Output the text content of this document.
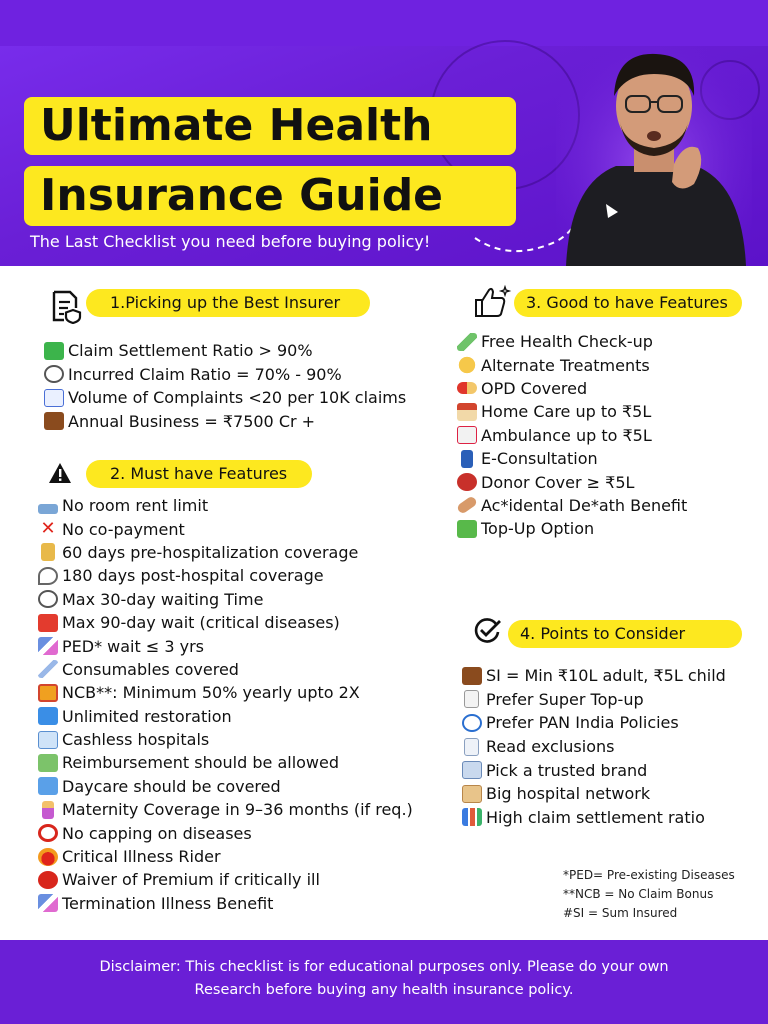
Ultimate Health
Insurance Guide
The Last Checklist you need before buying policy!
1.Picking up the Best Insurer
Claim Settlement Ratio > 90%
Incurred Claim Ratio = 70% - 90%
Volume of Complaints <20 per 10K claims
Annual Business = ₹7500 Cr +
2. Must have Features
No room rent limit
✕ No co-payment
60 days pre-hospitalization coverage
180 days post-hospital coverage
Max 30-day waiting Time
Max 90-day wait (critical diseases)
PED* wait ≤ 3 yrs
Consumables covered
NCB**: Minimum 50% yearly upto 2X
Unlimited restoration
Cashless hospitals
Reimbursement should be allowed
Daycare should be covered
Maternity Coverage in 9–36 months (if req.)
No capping on diseases
Critical Illness Rider
Waiver of Premium if critically ill
Termination Illness Benefit
3. Good to have Features
Free Health Check-up
Alternate Treatments
OPD Covered
Home Care up to ₹5L
Ambulance up to ₹5L
E-Consultation
Donor Cover ≥ ₹5L
Ac*idental De*ath Benefit
Top-Up Option
4. Points to Consider
SI = Min ₹10L adult, ₹5L child
Prefer Super Top-up
Prefer PAN India Policies
Read exclusions
Pick a trusted brand
Big hospital network
High claim settlement ratio
*PED= Pre-existing Diseases
**NCB = No Claim Bonus
#SI = Sum Insured
Disclaimer: This checklist is for educational purposes only. Please do your own
Research before buying any health insurance policy.
